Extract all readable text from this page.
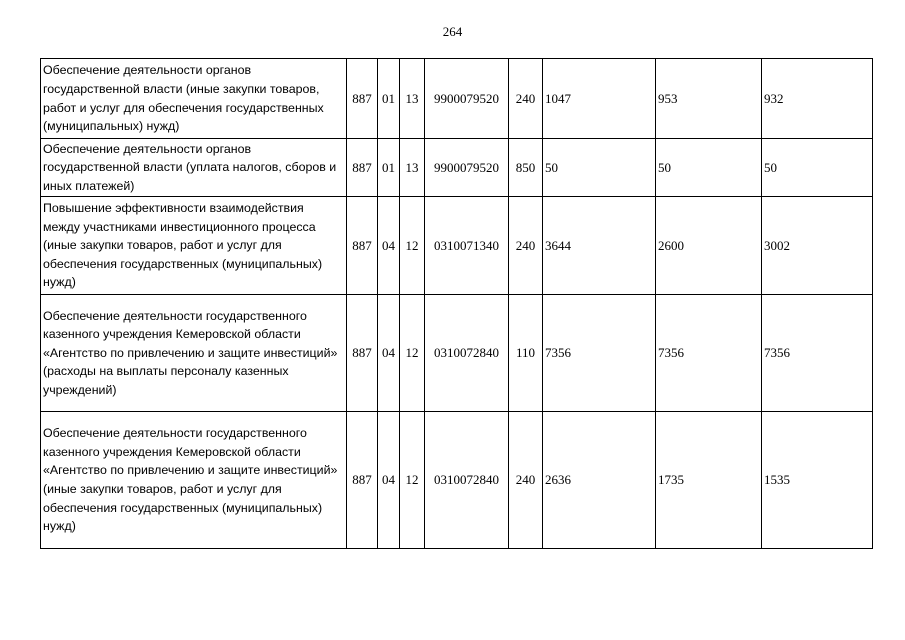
264
Обеспечение деятельности органов государственной власти (иные закупки товаров, работ и услуг для обеспечения государственных (муниципальных) нужд)	887	01	13	9900079520	240	1047	953	932
Обеспечение деятельности органов государственной власти (уплата налогов, сборов и иных платежей)	887	01	13	9900079520	850	50	50	50
Повышение эффективности взаимодействия между участниками инвестиционного процесса (иные закупки товаров, работ и услуг для обеспечения государственных (муниципальных) нужд)	887	04	12	0310071340	240	3644	2600	3002
Обеспечение деятельности государственного казенного учреждения Кемеровской области «Агентство по привлечению и защите инвестиций» (расходы на выплаты персоналу казенных учреждений)	887	04	12	0310072840	110	7356	7356	7356
Обеспечение деятельности государственного казенного учреждения Кемеровской области «Агентство по привлечению и защите инвестиций» (иные закупки товаров, работ и услуг для обеспечения государственных (муниципальных) нужд)	887	04	12	0310072840	240	2636	1735	1535
